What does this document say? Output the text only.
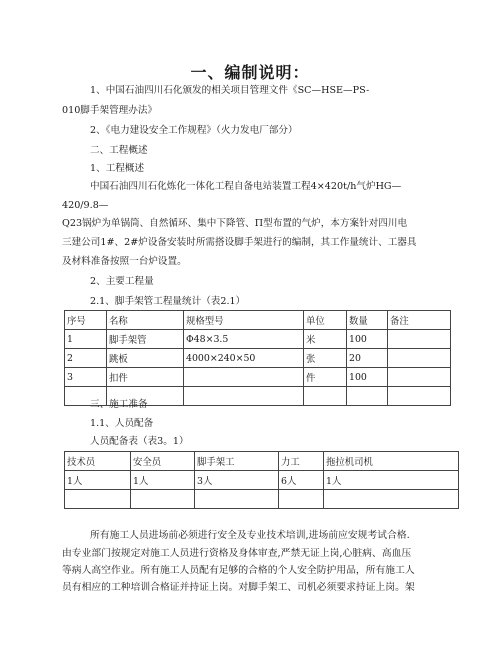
一、编制说明：
1、中国石油四川石化颁发的相关项目管理文件《SC—HSE—PS-
010脚手架管理办法》
2、《电力建设安全工作规程》（火力发电厂部分）
二、工程概述
1、工程概述
中国石油四川石化炼化一体化工程自备电站装置工程4×420t/h气炉HG—
420/9.8—
Q23锅炉为单锅筒、自然循环、集中下降管、Π型布置的气炉，本方案针对四川电
三建公司1#、2#炉设备安装时所需搭设脚手架进行的编制，其工作量统计、工器具
及材料准备按照一台炉设置。
2、主要工程量
2.1、脚手架管工程量统计（表2.1）
序号	名称	规格型号	单位	数量	备注
1	脚手架管	Φ48×3.5	米	100	
2	跳板	4000×240×50	张	20	
3	扣件		件	100	

三、施工准备
1.1、人员配备
人员配备表（表3。1）
技术员	安全员	脚手架工	力工	拖拉机司机
1人	1人	3人	6人	1人

所有施工人员进场前必须进行安全及专业技术培训,进场前应安规考试合格.
由专业部门按规定对施工人员进行资格及身体审查,严禁无证上岗,心脏病、高血压
等病人高空作业。所有施工人员配有足够的合格的个人安全防护用品，所有施工人
员有相应的工种培训合格证并持证上岗。对脚手架工、司机必须要求持证上岗。架
